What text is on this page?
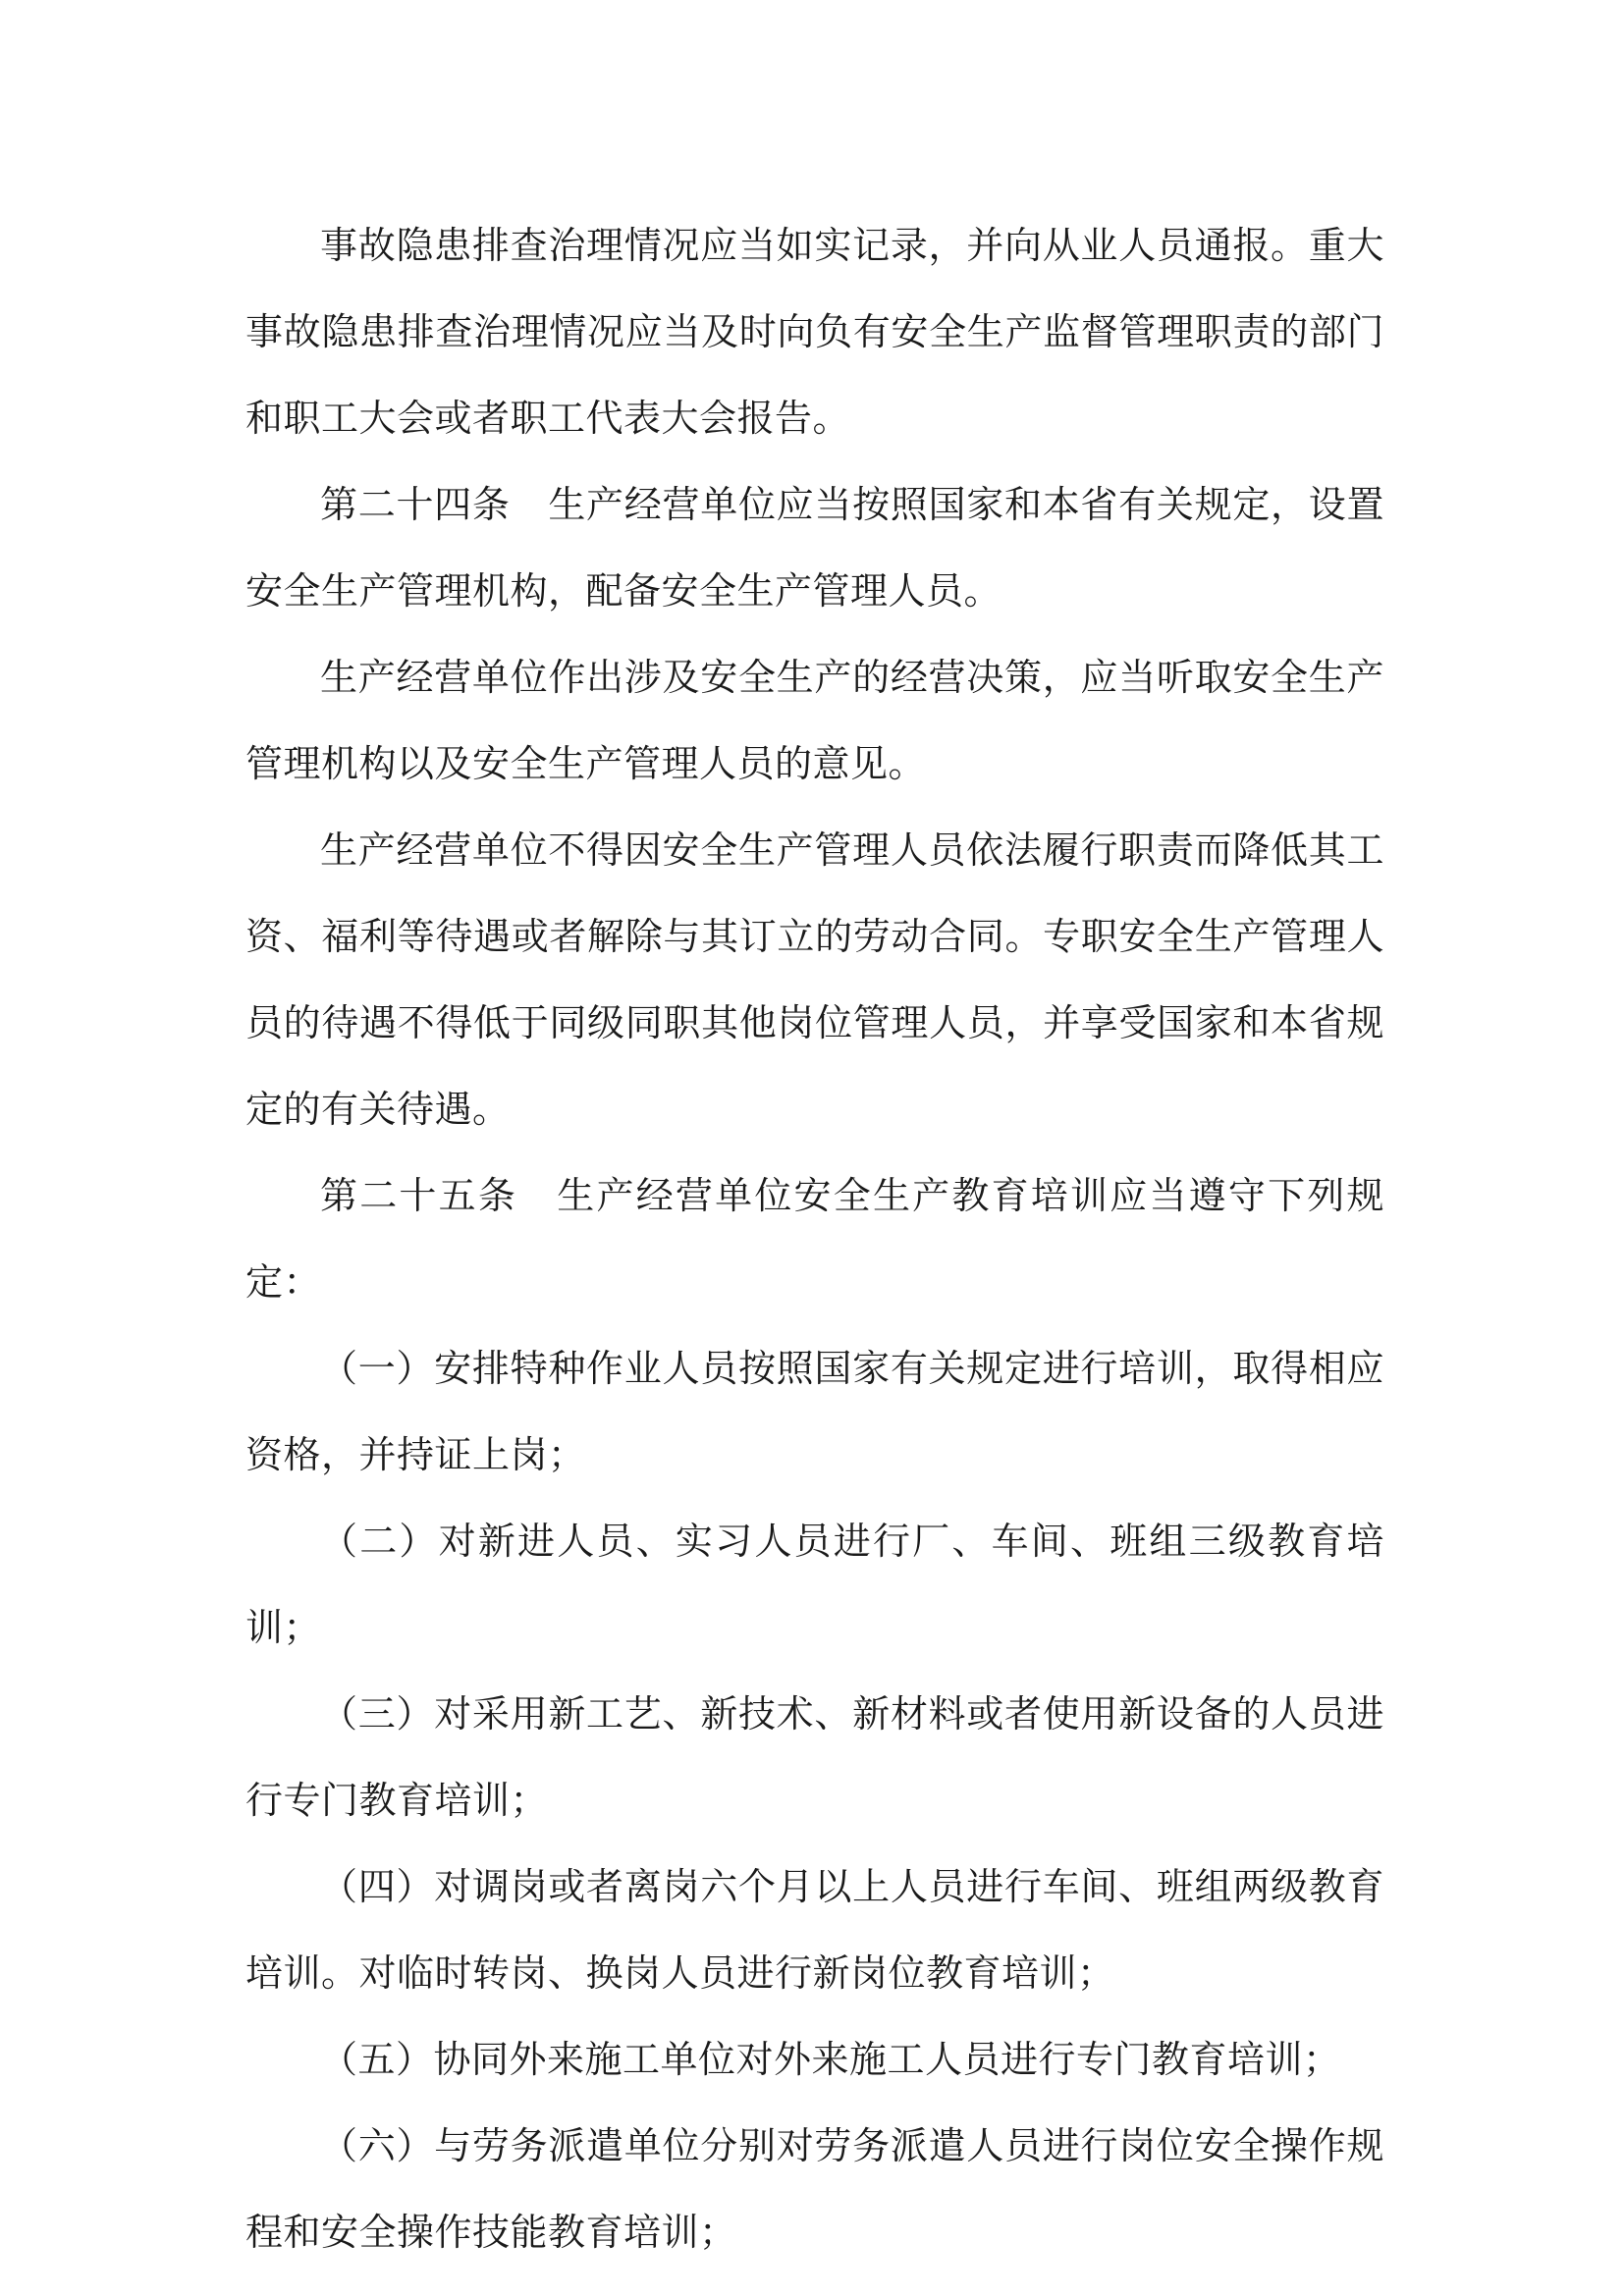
事故隐患排查治理情况应当如实记录，并向从业人员通报。重大事故隐患排查治理情况应当及时向负有安全生产监督管理职责的部门和职工大会或者职工代表大会报告。

第二十四条　生产经营单位应当按照国家和本省有关规定，设置安全生产管理机构，配备安全生产管理人员。

生产经营单位作出涉及安全生产的经营决策，应当听取安全生产管理机构以及安全生产管理人员的意见。

生产经营单位不得因安全生产管理人员依法履行职责而降低其工资、福利等待遇或者解除与其订立的劳动合同。专职安全生产管理人员的待遇不得低于同级同职其他岗位管理人员，并享受国家和本省规定的有关待遇。

第二十五条　生产经营单位安全生产教育培训应当遵守下列规定：

（一）安排特种作业人员按照国家有关规定进行培训，取得相应资格，并持证上岗；

（二）对新进人员、实习人员进行厂、车间、班组三级教育培训；

（三）对采用新工艺、新技术、新材料或者使用新设备的人员进行专门教育培训；

（四）对调岗或者离岗六个月以上人员进行车间、班组两级教育培训。对临时转岗、换岗人员进行新岗位教育培训；

（五）协同外来施工单位对外来施工人员进行专门教育培训；

（六）与劳务派遣单位分别对劳务派遣人员进行岗位安全操作规程和安全操作技能教育培训；
